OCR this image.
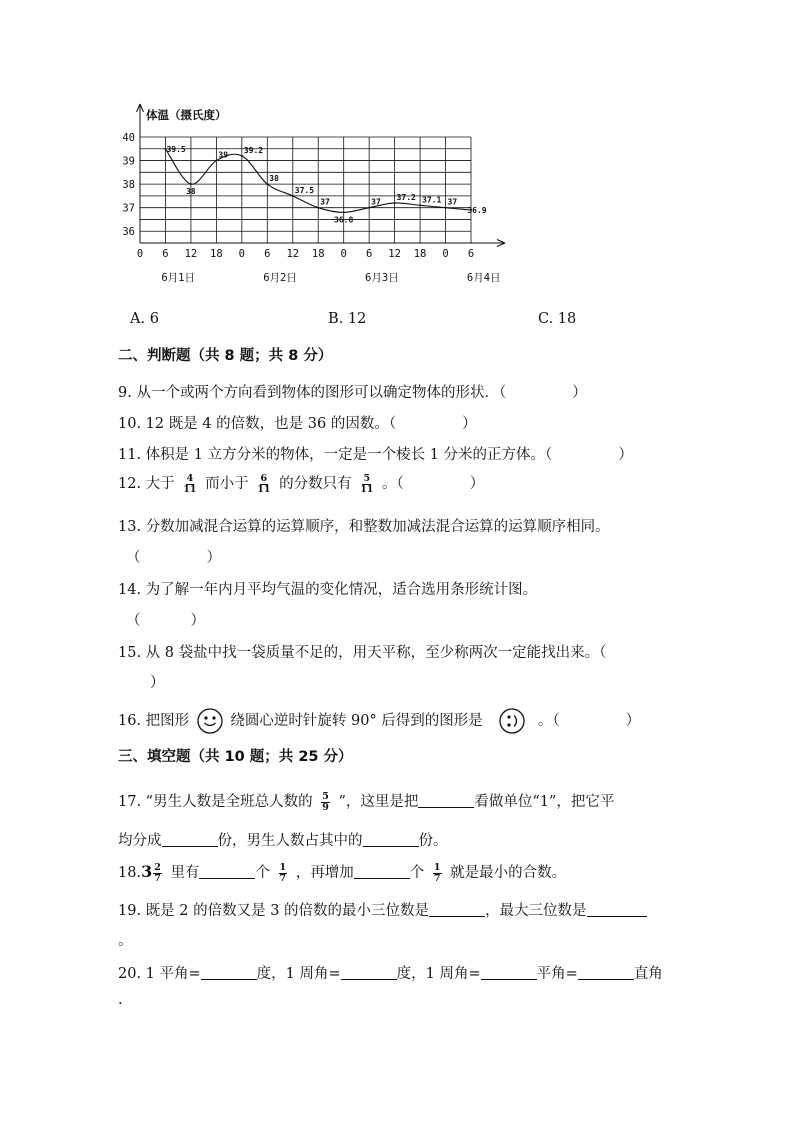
体温（摄氏度）
40
39
38
37
36
0 6 12 18 0 6 12 18 0 6 12 18 0 6
6月1日	6月2日	6月3日	6月4日
39.5
38
39
39.2
38
37.5
37
36.8
37
37.2 37.1 37
36.9
A. 6	B. 12	C. 18
二、判断题（共 8 题；共 8 分）
9. 从一个或两个方向看到物体的图形可以确定物体的形状．（	）
10. 12 既是 4 的倍数，也是 36 的因数。（	）
11. 体积是 1 立方分米的物体，一定是一个棱长 1 分米的正方体。（	）
12. 大于 $\frac{4}{11}$ 而小于 $\frac{6}{11}$ 的分数只有 $\frac{5}{11}$ 。（	）
13. 分数加减混合运算的运算顺序，和整数加减法混合运算的运算顺序相同。
（	）
14. 为了解一年内月平均气温的变化情况，适合选用条形统计图。
（	）
15. 从 8 袋盐中找一袋质量不足的，用天平称，至少称两次一定能找出来。（
）
16. 把图形	绕圆心逆时针旋转 90° 后得到的图形是	。（	）
三、填空题（共 10 题；共 25 分）
17. “男生人数是全班总人数的 $\frac{5}{9}$ ”，这里是把	看做单位“1”，把它平
均分成	份，男生人数占其中的	份。
$18.3 \frac{2}{7}$ 里有	个 $\frac{1}{7}$ ，再增加	个 $\frac{1}{7}$ 就是最小的合数。
19. 既是 2 的倍数又是 3 的倍数的最小三位数是	，最大三位数是
。
20. 1 平角=	度，1 周角=	度，1 周角=	平角=	直角
.
